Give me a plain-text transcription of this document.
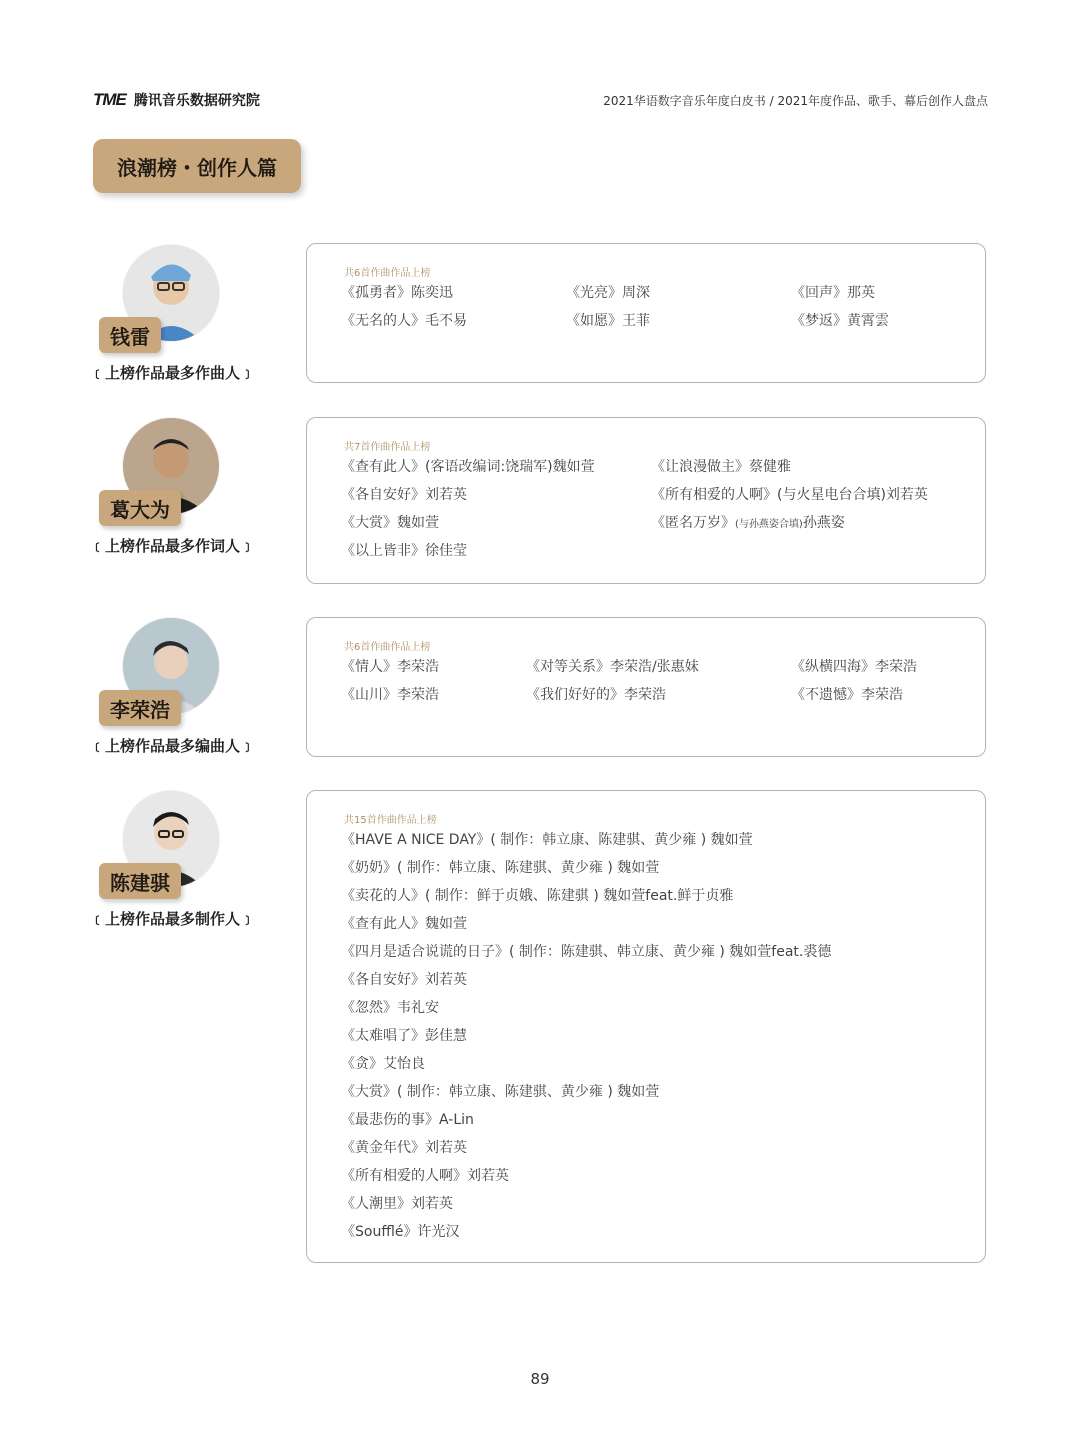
TME 腾讯音乐数据研究院	2021华语数字音乐年度白皮书 / 2021年度作品、歌手、幕后创作人盘点
浪潮榜・创作人篇
钱雷
﹝上榜作品最多作曲人﹞
共6首作曲作品上榜
《孤勇者》陈奕迅	《光亮》周深	《回声》那英
《无名的人》毛不易	《如愿》王菲	《梦返》黄霄雲
葛大为
﹝上榜作品最多作词人﹞
共7首作曲作品上榜
《查有此人》(客语改编词:饶瑞军)魏如萱	《让浪漫做主》蔡健雅
《各自安好》刘若英	《所有相爱的人啊》(与火星电台合填)刘若英
《大赏》魏如萱	《匿名万岁》(与孙燕姿合填)孙燕姿
《以上皆非》徐佳莹
李荣浩
﹝上榜作品最多编曲人﹞
共6首作曲作品上榜
《情人》李荣浩	《对等关系》李荣浩/张惠妹	《纵横四海》李荣浩
《山川》李荣浩	《我们好好的》李荣浩	《不遗憾》李荣浩
陈建骐
﹝上榜作品最多制作人﹞
共15首作曲作品上榜
《HAVE A NICE DAY》( 制作：韩立康、陈建骐、黄少雍 ) 魏如萱
《奶奶》( 制作：韩立康、陈建骐、黄少雍 ) 魏如萱
《卖花的人》( 制作：鲜于贞娥、陈建骐 ) 魏如萱feat.鲜于贞雅
《查有此人》魏如萱
《四月是适合说谎的日子》( 制作：陈建骐、韩立康、黄少雍 ) 魏如萱feat.裘德
《各自安好》刘若英
《忽然》韦礼安
《太难唱了》彭佳慧
《贪》艾怡良
《大赏》( 制作：韩立康、陈建骐、黄少雍 ) 魏如萱
《最悲伤的事》A-Lin
《黄金年代》刘若英
《所有相爱的人啊》刘若英
《人潮里》刘若英
《Soufflé》许光汉
89
